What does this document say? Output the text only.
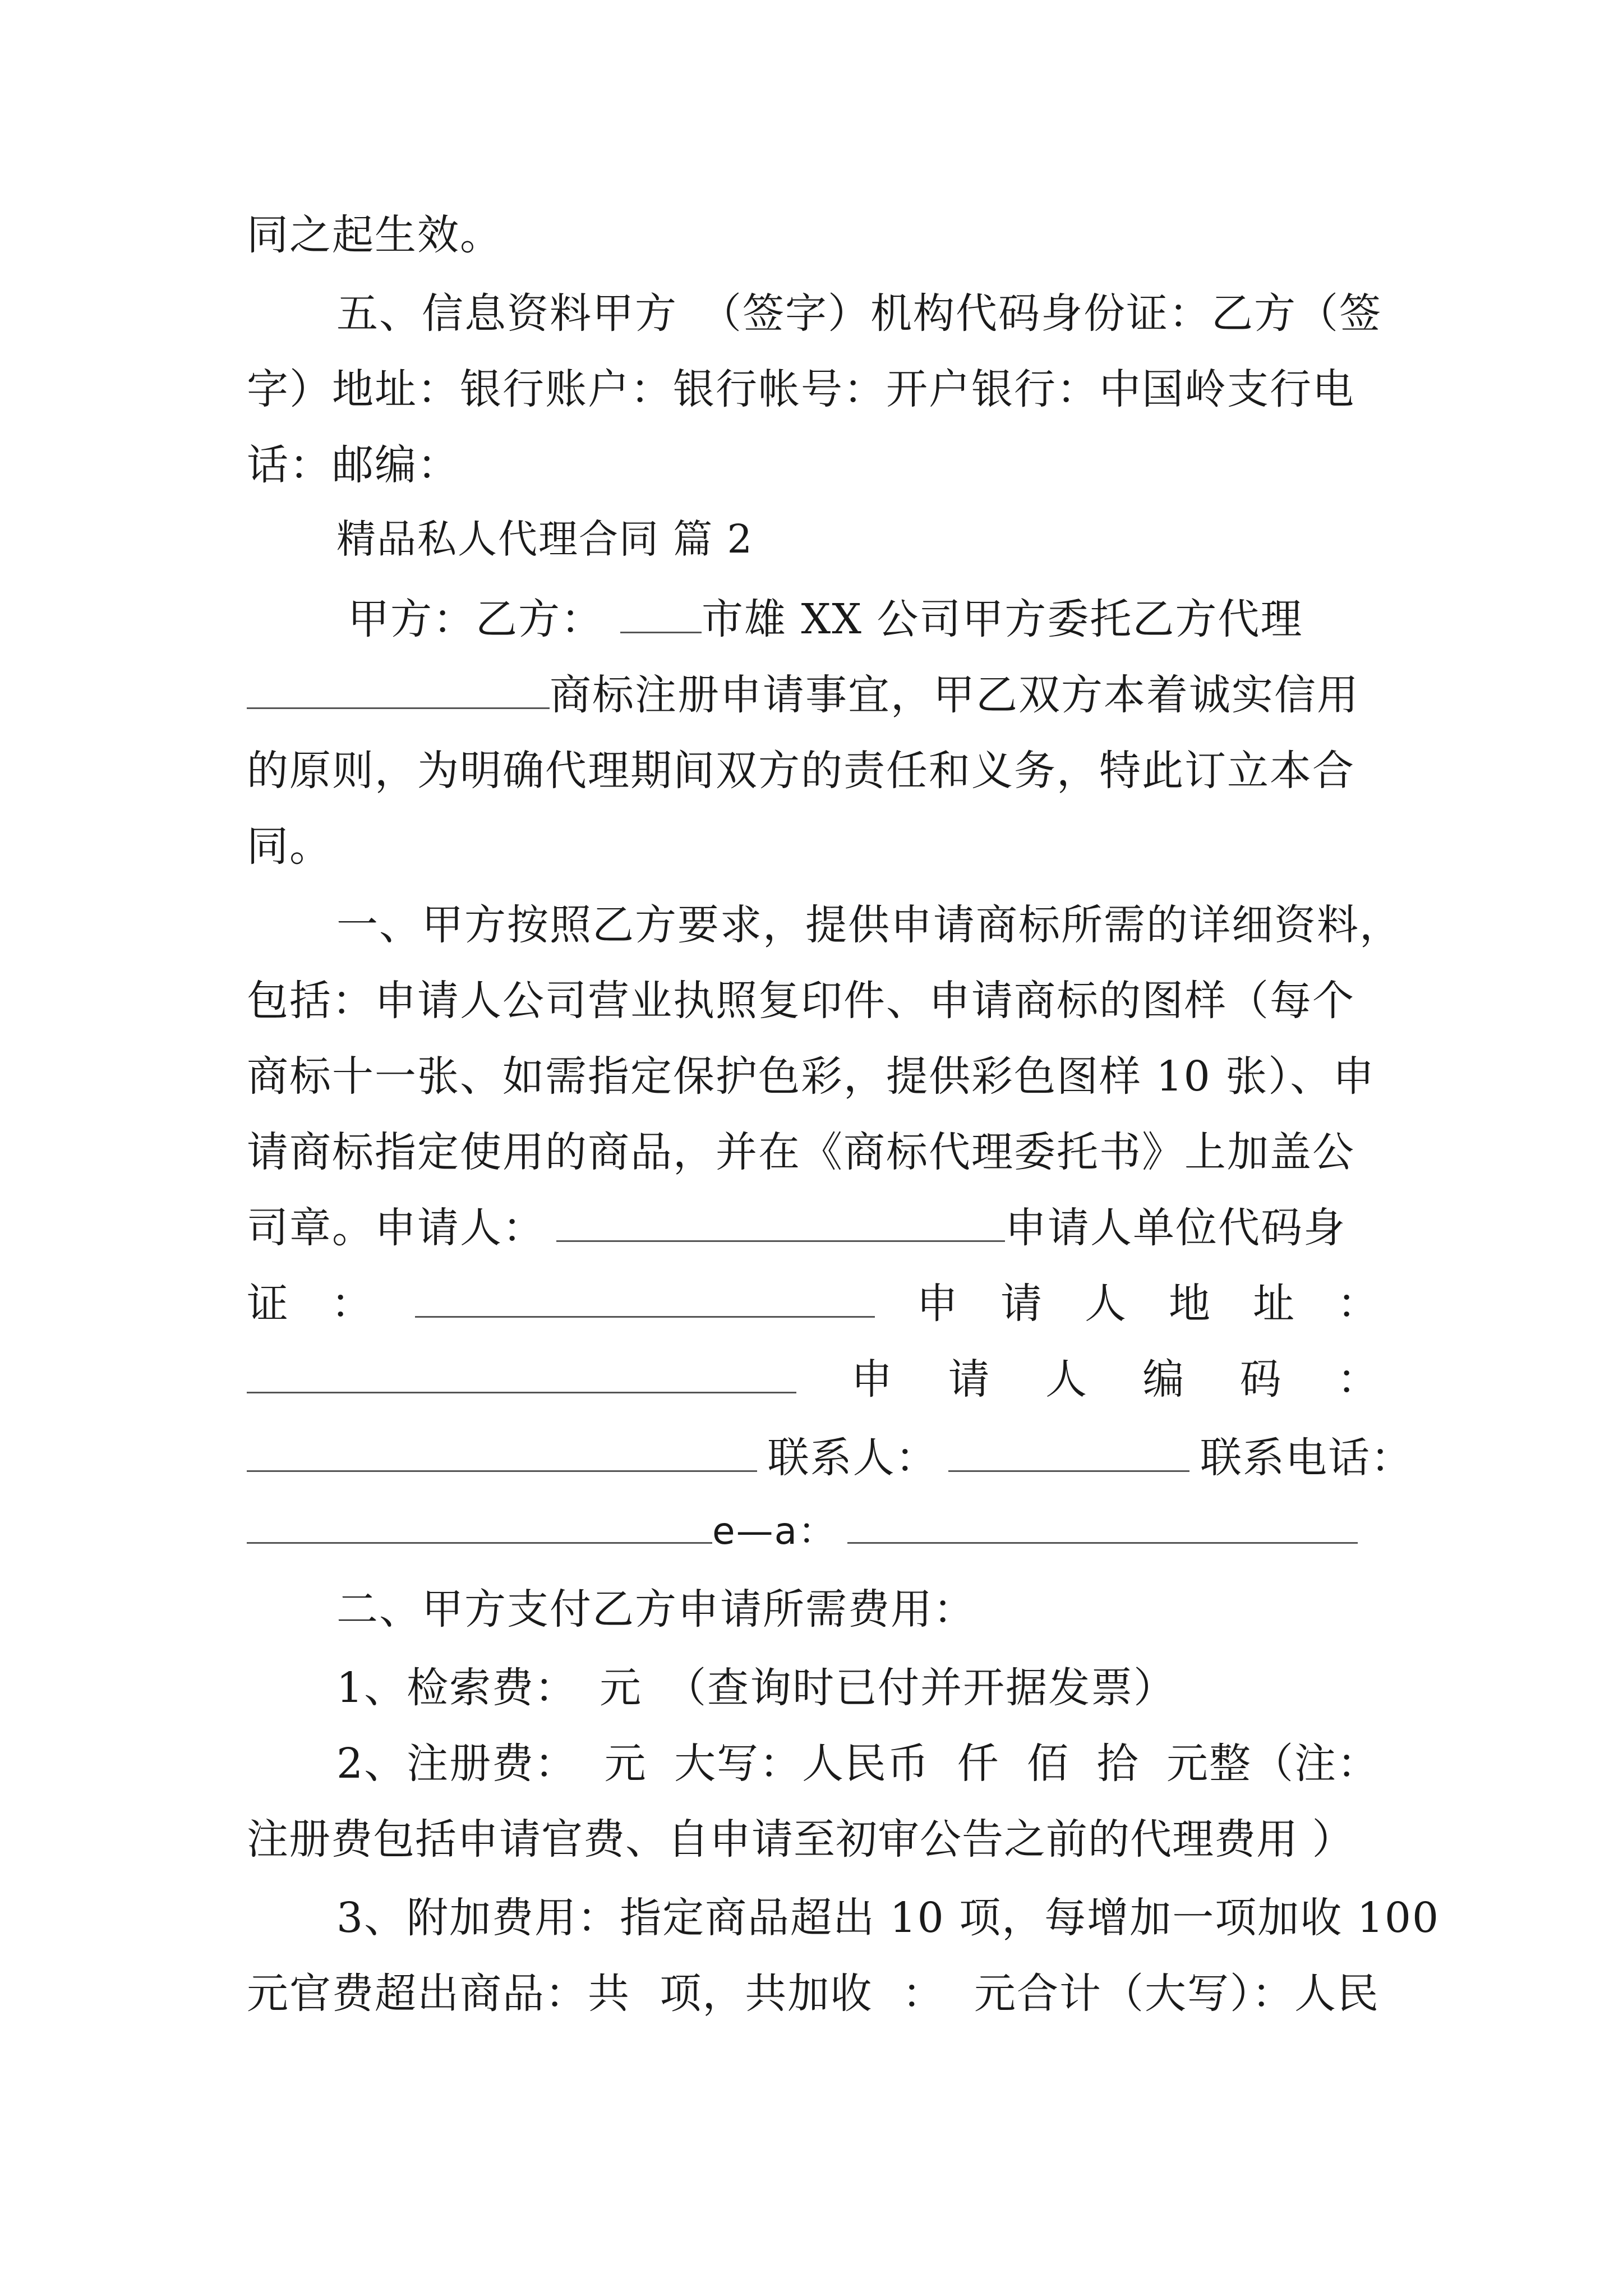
同之起生效。
五、信息资料甲方 （签字）机构代码身份证：乙方（签
字）地址：银行账户：银行帐号：开户银行：中国岭支行电
话：邮编：
精品私人代理合同 篇 2
甲方：乙方： 市雄 XX 公司甲方委托乙方代理
商标注册申请事宜，甲乙双方本着诚实信用
的原则，为明确代理期间双方的责任和义务，特此订立本合
同。
一、甲方按照乙方要求，提供申请商标所需的详细资料，
包括：申请人公司营业执照复印件、申请商标的图样（每个
商标十一张、如需指定保护色彩，提供彩色图样 10 张）、申
请商标指定使用的商品，并在《商标代理委托书》上加盖公
司章。申请人：	申请人单位代码身
证 ：	申 请 人 地 址 ：
申 请 人 编 码 ：
联系人：	联系电话：
e—a：
二、甲方支付乙方申请所需费用：
1、检索费： 元 （查询时已付并开据发票）
2、注册费： 元 大写：人民币 仟 佰 拾 元整（注：
注册费包括申请官费、自申请至初审公告之前的代理费用 ）
3、附加费用：指定商品超出 10 项，每增加一项加收 100
元官费超出商品：共 项，共加收 ： 元合计（大写）：人民
